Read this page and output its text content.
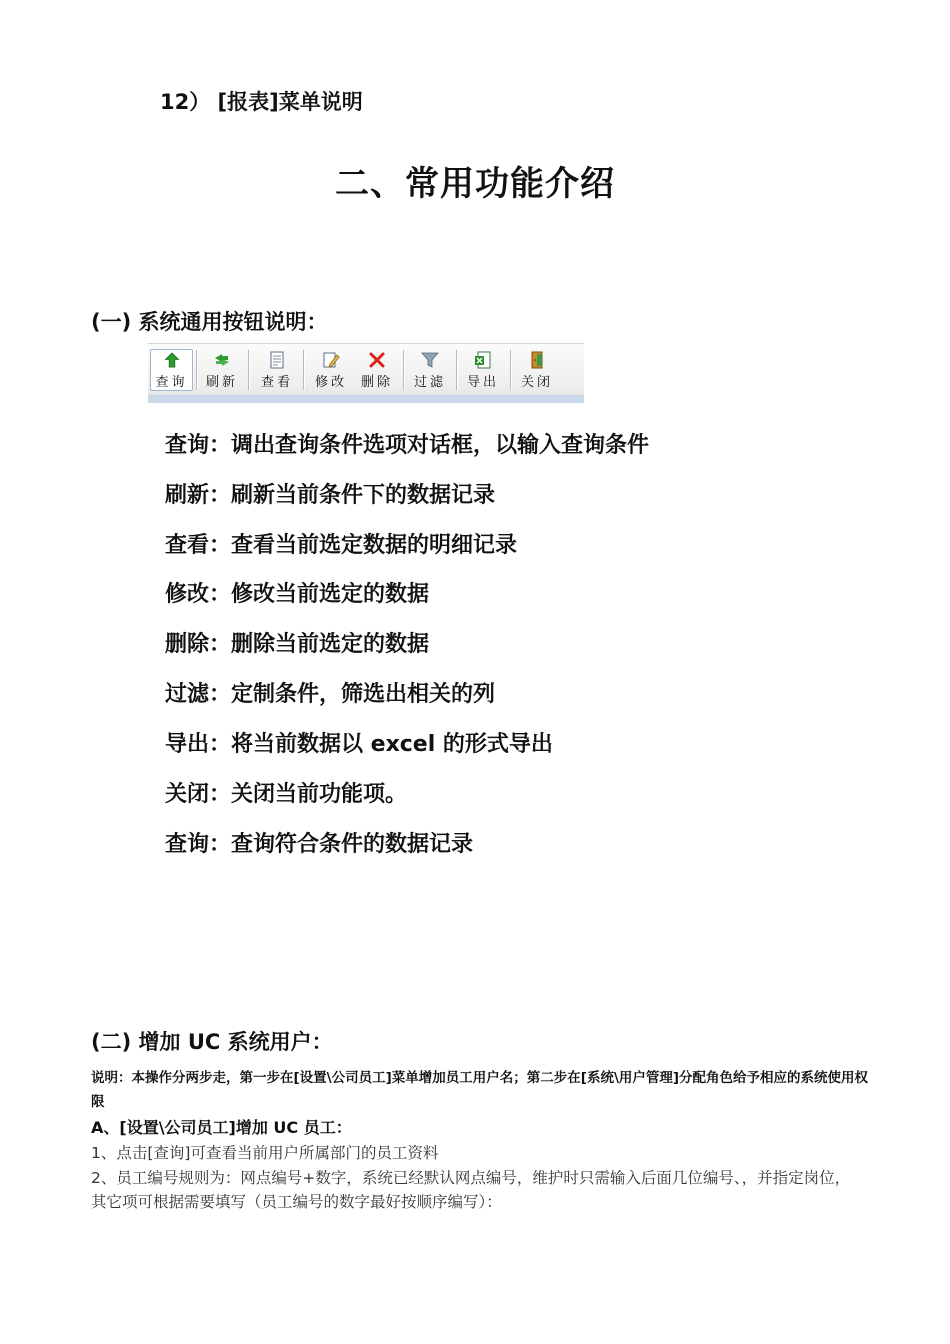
12） [报表]菜单说明
二、常用功能介绍
(一) 系统通用按钮说明：
查询 刷新 查看 修改 删除 过滤 导出 关闭
查询：调出查询条件选项对话框，以输入查询条件
刷新：刷新当前条件下的数据记录
查看：查看当前选定数据的明细记录
修改：修改当前选定的数据
删除：删除当前选定的数据
过滤：定制条件，筛选出相关的列
导出：将当前数据以 excel 的形式导出
关闭：关闭当前功能项。
查询：查询符合条件的数据记录
(二) 增加 UC 系统用户：
说明：本操作分两步走，第一步在[设置\公司员工]菜单增加员工用户名；第二步在[系统\用户管理]分配角色给予相应的系统使用权限
A、[设置\公司员工]增加 UC 员工：
1、点击[查询]可查看当前用户所属部门的员工资料
2、员工编号规则为：网点编号+数字，系统已经默认网点编号，维护时只需输入后面几位编号、，并指定岗位，其它项可根据需要填写（员工编号的数字最好按顺序编写）：
